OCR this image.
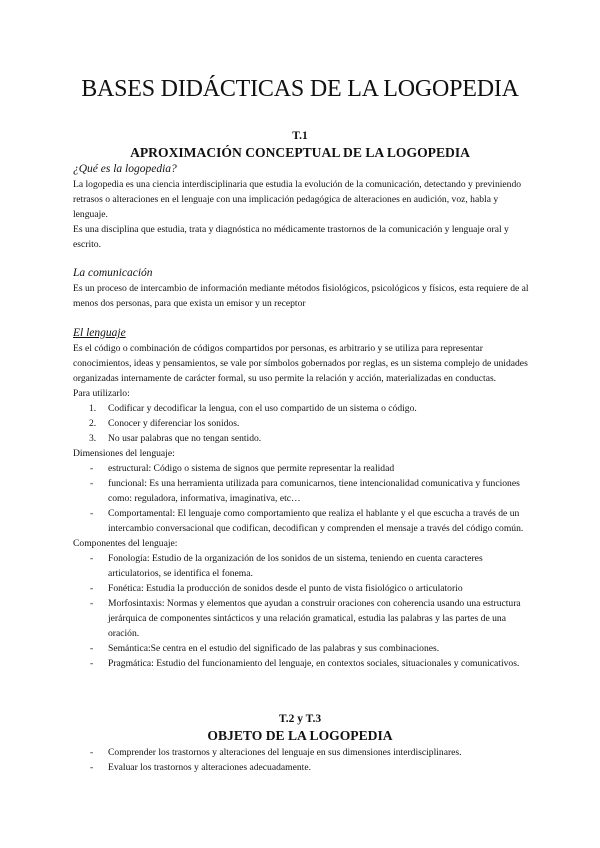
BASES DIDÁCTICAS DE LA LOGOPEDIA
T.1
APROXIMACIÓN CONCEPTUAL DE LA LOGOPEDIA

¿Qué es la logopedia?

La logopedia es una ciencia interdisciplinaria que estudia la evolución de la comunicación, detectando y previniendo retrasos o alteraciones en el lenguaje con una implicación pedagógica de alteraciones en audición, voz, habla y lenguaje.

Es una disciplina que estudia, trata y diagnóstica no médicamente trastornos de la comunicación y lenguaje oral y escrito.

La comunicación

Es un proceso de intercambio de información mediante métodos fisiológicos, psicológicos y físicos, esta requiere de al menos dos personas, para que exista un emisor y un receptor

El lenguaje

Es el código o combinación de códigos compartidos por personas, es arbitrario y se utiliza para representar conocimientos, ideas y pensamientos, se vale por símbolos gobernados por reglas, es un sistema complejo de unidades organizadas internamente de carácter formal, su uso permite la relación y acción, materializadas en conductas.

Para utilizarlo:

1. Codificar y decodificar la lengua, con el uso compartido de un sistema o código.
2. Conocer y diferenciar los sonidos.
3. No usar palabras que no tengan sentido.

Dimensiones del lenguaje:

- estructural: Código o sistema de signos que permite representar la realidad
- funcional: Es una herramienta utilizada para comunicarnos, tiene intencionalidad comunicativa y funciones como: reguladora, informativa, imaginativa, etc…
- Comportamental: El lenguaje como comportamiento que realiza el hablante y el que escucha a través de un intercambio conversacional que codifican, decodifican y comprenden el mensaje a través del código común.

Componentes del lenguaje:

- Fonología: Estudio de la organización de los sonidos de un sistema, teniendo en cuenta caracteres articulatorios, se identifica el fonema.
- Fonética: Estudia la producción de sonidos desde el punto de vista fisiológico o articulatorio
- Morfosintaxis: Normas y elementos que ayudan a construir oraciones con coherencia usando una estructura jerárquica de componentes sintácticos y una relación gramatical, estudia las palabras y las partes de una oración.
- Semántica:Se centra en el estudio del significado de las palabras y sus combinaciones.
- Pragmática: Estudio del funcionamiento del lenguaje, en contextos sociales, situacionales y comunicativos.
T.2 y T.3
OBJETO DE LA LOGOPEDIA
- Comprender los trastornos y alteraciones del lenguaje en sus dimensiones interdisciplinares.
- Evaluar los trastornos y alteraciones adecuadamente.
